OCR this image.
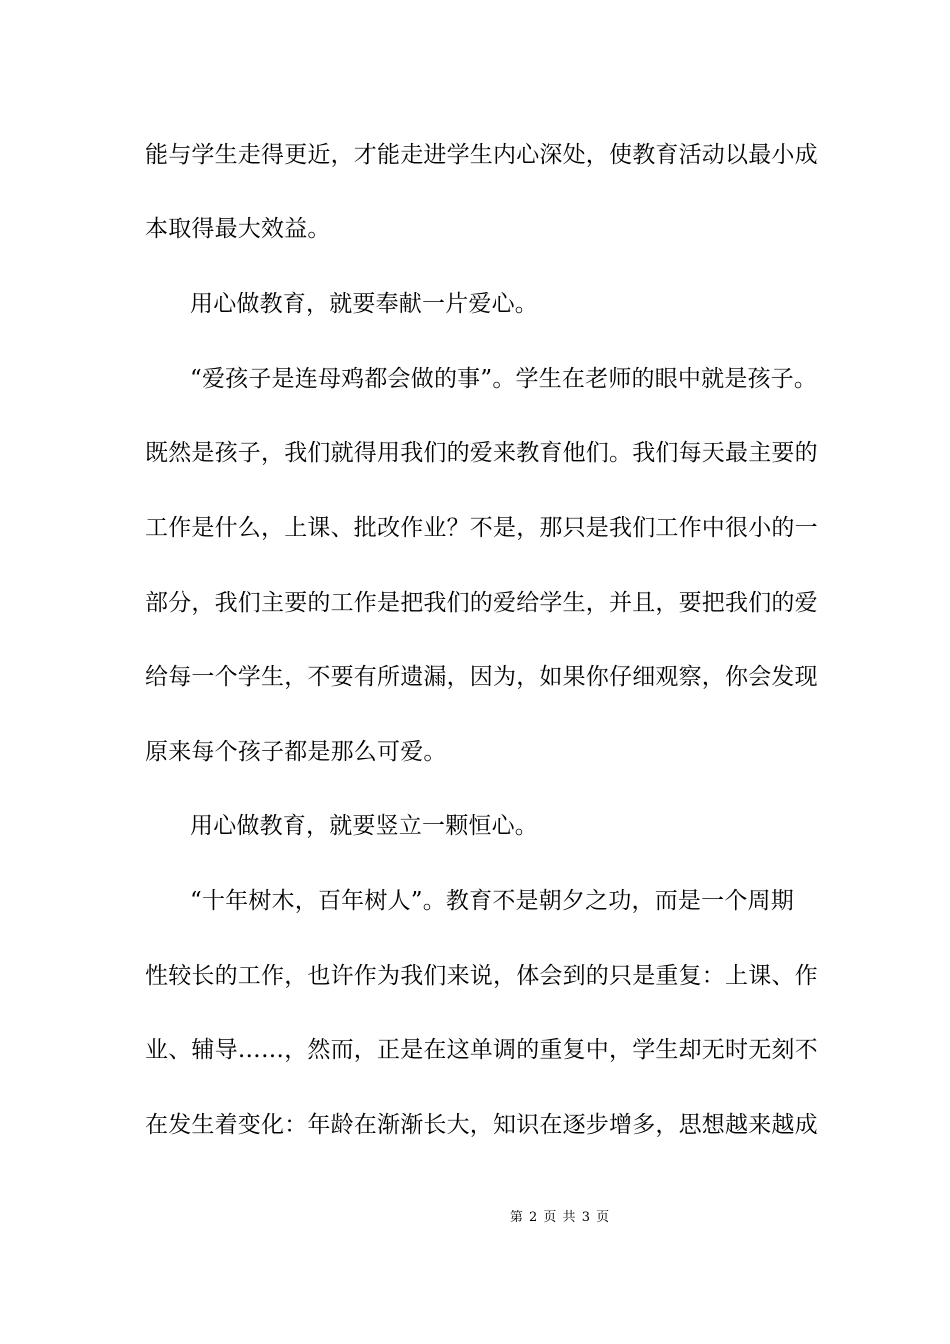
能与学生走得更近，才能走进学生内心深处，使教育活动以最小成
本取得最大效益。
用心做教育，就要奉献一片爱心。
“爱孩子是连母鸡都会做的事”。学生在老师的眼中就是孩子。
既然是孩子，我们就得用我们的爱来教育他们。我们每天最主要的
工作是什么，上课、批改作业？不是，那只是我们工作中很小的一
部分，我们主要的工作是把我们的爱给学生，并且，要把我们的爱
给每一个学生，不要有所遗漏，因为，如果你仔细观察，你会发现
原来每个孩子都是那么可爱。
用心做教育，就要竖立一颗恒心。
“十年树木，百年树人”。教育不是朝夕之功，而是一个周期
性较长的工作，也许作为我们来说，体会到的只是重复：上课、作
业、辅导……，然而，正是在这单调的重复中，学生却无时无刻不
在发生着变化：年龄在渐渐长大，知识在逐步增多，思想越来越成
第 2 页 共 3 页
